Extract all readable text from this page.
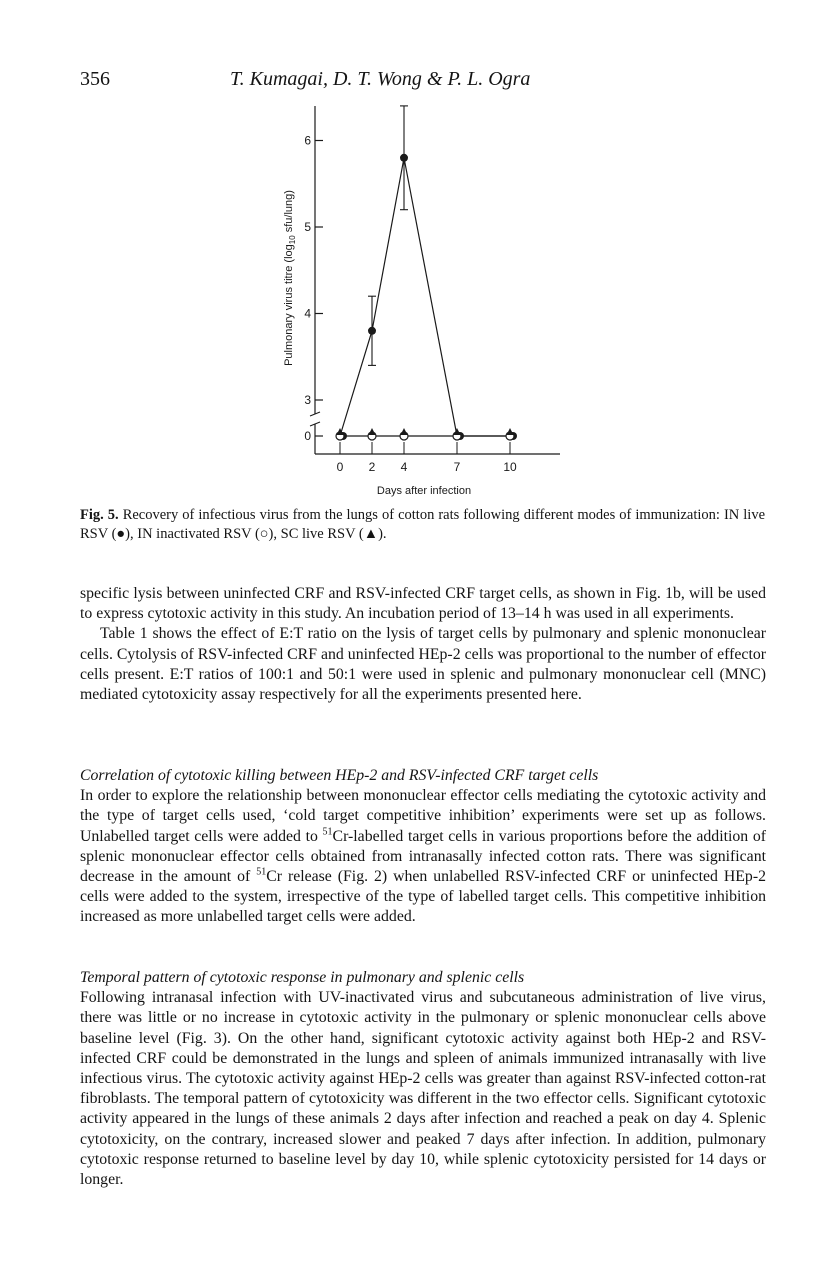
356	T. Kumagai, D. T. Wong & P. L. Ogra
0
3
4
5
6
0 2 4	7	10
Days after infection
Pulmonary virus titre ($\log_{10}$ sfu/lung)
Fig. 5. Recovery of infectious virus from the lungs of cotton rats following different modes of immunization: IN live RSV (●), IN inactivated RSV (○), SC live RSV (▲).

specific lysis between uninfected CRF and RSV-infected CRF target cells, as shown in Fig. 1b, will be used to express cytotoxic activity in this study. An incubation period of 13–14 h was used in all experiments.

Table 1 shows the effect of E:T ratio on the lysis of target cells by pulmonary and splenic mononuclear cells. Cytolysis of RSV-infected CRF and uninfected HEp-2 cells was proportional to the number of effector cells present. E:T ratios of 100:1 and 50:1 were used in splenic and pulmonary mononuclear cell (MNC) mediated cytotoxicity assay respectively for all the experiments presented here.

Correlation of cytotoxic killing between HEp-2 and RSV-infected CRF target cells

In order to explore the relationship between mononuclear effector cells mediating the cytotoxic activity and the type of target cells used, ‘cold target competitive inhibition’ experiments were set up as follows. Unlabelled target cells were added to $^{51}$Cr-labelled target cells in various proportions before the addition of splenic mononuclear effector cells obtained from intranasally infected cotton rats. There was significant decrease in the amount of $^{51}$Cr release (Fig. 2) when unlabelled RSV-infected CRF or uninfected HEp-2 cells were added to the system, irrespective of the type of labelled target cells. This competitive inhibition increased as more unlabelled target cells were added.

Temporal pattern of cytotoxic response in pulmonary and splenic cells

Following intranasal infection with UV-inactivated virus and subcutaneous administration of live virus, there was little or no increase in cytotoxic activity in the pulmonary or splenic mononuclear cells above baseline level (Fig. 3). On the other hand, significant cytotoxic activity against both HEp-2 and RSV-infected CRF could be demonstrated in the lungs and spleen of animals immunized intranasally with live infectious virus. The cytotoxic activity against HEp-2 cells was greater than against RSV-infected cotton-rat fibroblasts. The temporal pattern of cytotoxicity was different in the two effector cells. Significant cytotoxic activity appeared in the lungs of these animals 2 days after infection and reached a peak on day 4. Splenic cytotoxicity, on the contrary, increased slower and peaked 7 days after infection. In addition, pulmonary cytotoxic response returned to baseline level by day 10, while splenic cytotoxicity persisted for 14 days or longer.
